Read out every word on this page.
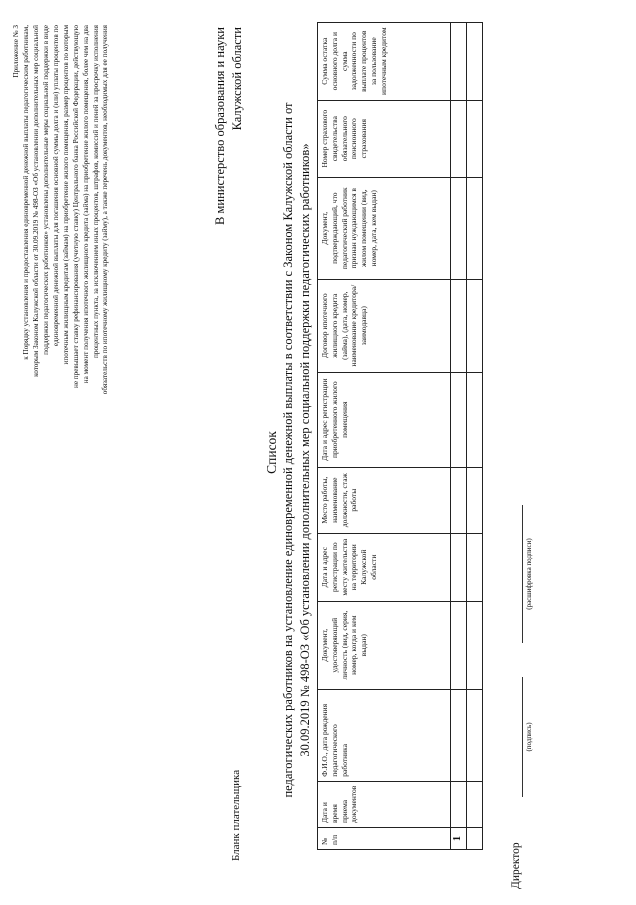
Приложение № 3 к Порядку установления и предоставления единовременной денежной выплаты педагогическим работникам, которым Законом Калужской области от 30.09.2019 № 498-ОЗ «Об установлении дополнительных мер социальной поддержки педагогических работников» установлены дополнительные меры социальной поддержки в виде единовременной денежной выплаты для погашения основной суммы долга и (или) уплаты процентов по ипотечным жилищным кредитам (займам) на приобретение жилого помещения, размер процентов по которым не превышает ставку рефинансирования (учетную ставку) Центрального банка Российской Федерации, действующую на момент получения ипотечного жилищного кредита (займа) на приобретение жилого помещения, более чем на два процентных пункта, за исключением иных процентов, штрафов, комиссий и пеней за просрочку исполнения обязательств по ипотечному жилищному кредиту (займу), а также перечень документов, необходимых для ее получения	В министерство образования и науки Калужской области
Бланк плательщика
Список педагогических работников на установление единовременной денежной выплаты в соответствии с Законом Калужской области от 30.09.2019 № 498-ОЗ «Об установлении дополнительных мер социальной поддержки педагогических работников»
№ п/п	Дата и время приема документов	Ф.И.О., дата рождения педагогического работника	Документ, удостоверяющий личность (вид, серия, номер, когда и кем выдан)	Дата и адрес регистрации по месту жительства на территории Калужской области	Место работы, наименование должности, стаж работы	Дата и адрес регистрации приобретенного жилого помещения	Договор ипотечного жилищного кредита (займа), (дата, номер, наименование кредитора/ заимодавца)	Документ, подтверждающий, что педагогический работник признан нуждающимся в жилом помещении (вид, номер, дата, кем выдан)	Номер страхового свидетельства обязательного пенсионного страхования	Сумма остатка основного долга и сумма задолженности по выплате процентов за пользование ипотечным кредитом
1										

Директор
(подпись)
(расшифровка подписи)
